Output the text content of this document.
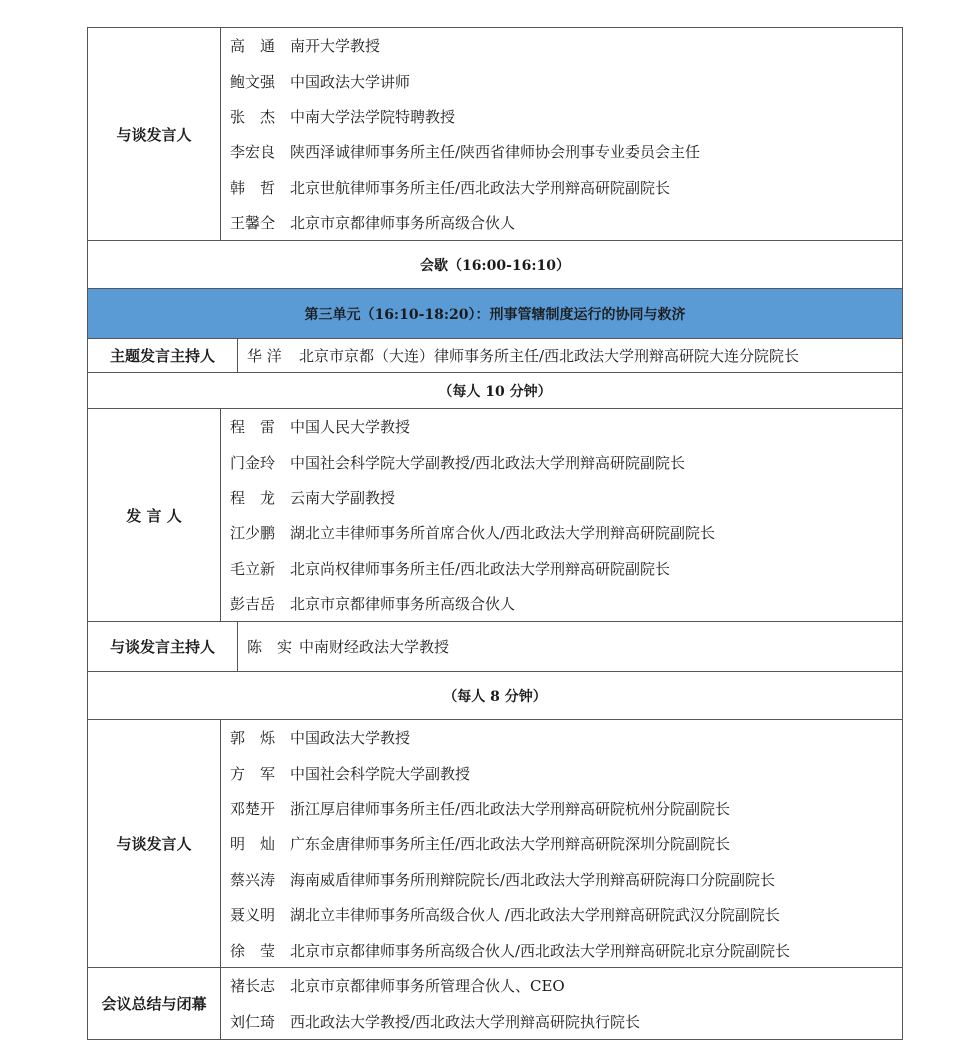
与谈发言人
高　通 南开大学教授
鲍文强 中国政法大学讲师
张　杰 中南大学法学院特聘教授
李宏良 陕西泽诚律师事务所主任/陕西省律师协会刑事专业委员会主任
韩　哲 北京世航律师事务所主任/西北政法大学刑辩高研院副院长
王馨仝 北京市京都律师事务所高级合伙人
会歇（16:00-16:10）
第三单元（16:10-18:20）：刑事管辖制度运行的协同与救济
主题发言主持人	华 洋	北京市京都（大连）律师事务所主任/西北政法大学刑辩高研院大连分院院长
（每人 10 分钟）
发 言 人
程　雷 中国人民大学教授
门金玲 中国社会科学院大学副教授/西北政法大学刑辩高研院副院长
程　龙 云南大学副教授
江少鹏 湖北立丰律师事务所首席合伙人/西北政法大学刑辩高研院副院长
毛立新 北京尚权律师事务所主任/西北政法大学刑辩高研院副院长
彭吉岳 北京市京都律师事务所高级合伙人
与谈发言主持人	陈　实 中南财经政法大学教授
（每人 8 分钟）
与谈发言人
郭　烁 中国政法大学教授
方　军 中国社会科学院大学副教授
邓楚开 浙江厚启律师事务所主任/西北政法大学刑辩高研院杭州分院副院长
明　灿 广东金唐律师事务所主任/西北政法大学刑辩高研院深圳分院副院长
蔡兴涛 海南威盾律师事务所刑辩院院长/西北政法大学刑辩高研院海口分院副院长
聂义明 湖北立丰律师事务所高级合伙人 /西北政法大学刑辩高研院武汉分院副院长
徐　莹 北京市京都律师事务所高级合伙人/西北政法大学刑辩高研院北京分院副院长
会议总结与闭幕
褚长志 北京市京都律师事务所管理合伙人、CEO
刘仁琦 西北政法大学教授/西北政法大学刑辩高研院执行院长
